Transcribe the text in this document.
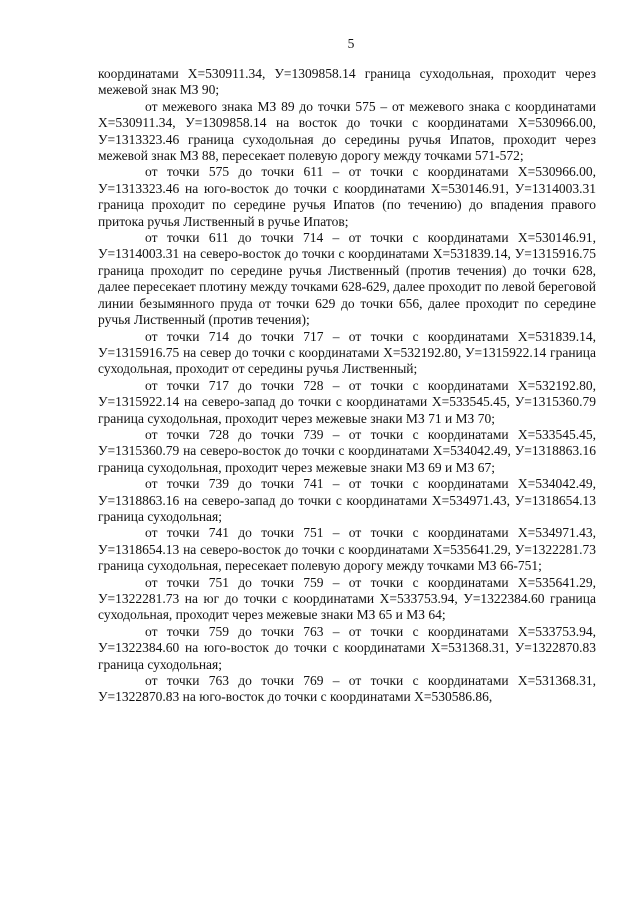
5

координатами Х=530911.34, У=1309858.14 граница суходольная, проходит через межевой знак МЗ 90;

от межевого знака МЗ 89 до точки 575 – от межевого знака с координатами Х=530911.34, У=1309858.14 на восток до точки с координатами Х=530966.00, У=1313323.46 граница суходольная до середины ручья Ипатов, проходит через межевой знак МЗ 88, пересекает полевую дорогу между точками 571-572;

от точки 575 до точки 611 – от точки с координатами Х=530966.00, У=1313323.46 на юго-восток до точки с координатами Х=530146.91, У=1314003.31 граница проходит по середине ручья Ипатов (по течению) до впадения правого притока ручья Лиственный в ручье Ипатов;

от точки 611 до точки 714 – от точки с координатами Х=530146.91, У=1314003.31 на северо-восток до точки с координатами Х=531839.14, У=1315916.75 граница проходит по середине ручья Лиственный (против течения) до точки 628, далее пересекает плотину между точками 628-629, далее проходит по левой береговой линии безымянного пруда от точки 629 до точки 656, далее проходит по середине ручья Лиственный (против течения);

от точки 714 до точки 717 – от точки с координатами Х=531839.14, У=1315916.75 на север до точки с координатами Х=532192.80, У=1315922.14 граница суходольная, проходит от середины ручья Лиственный;

от точки 717 до точки 728 – от точки с координатами Х=532192.80, У=1315922.14 на северо-запад до точки с координатами Х=533545.45, У=1315360.79 граница суходольная, проходит через межевые знаки МЗ 71 и МЗ 70;

от точки 728 до точки 739 – от точки с координатами Х=533545.45, У=1315360.79 на северо-восток до точки с координатами Х=534042.49, У=1318863.16 граница суходольная, проходит через межевые знаки МЗ 69 и МЗ 67;

от точки 739 до точки 741 – от точки с координатами Х=534042.49, У=1318863.16 на северо-запад до точки с координатами Х=534971.43, У=1318654.13 граница суходольная;

от точки 741 до точки 751 – от точки с координатами Х=534971.43, У=1318654.13 на северо-восток до точки с координатами Х=535641.29, У=1322281.73 граница суходольная, пересекает полевую дорогу между точками МЗ 66-751;

от точки 751 до точки 759 – от точки с координатами Х=535641.29, У=1322281.73 на юг до точки с координатами Х=533753.94, У=1322384.60 граница суходольная, проходит через межевые знаки МЗ 65 и МЗ 64;

от точки 759 до точки 763 – от точки с координатами Х=533753.94, У=1322384.60 на юго-восток до точки с координатами Х=531368.31, У=1322870.83 граница суходольная;

от точки 763 до точки 769 – от точки с координатами Х=531368.31, У=1322870.83 на юго-восток до точки с координатами Х=530586.86,
